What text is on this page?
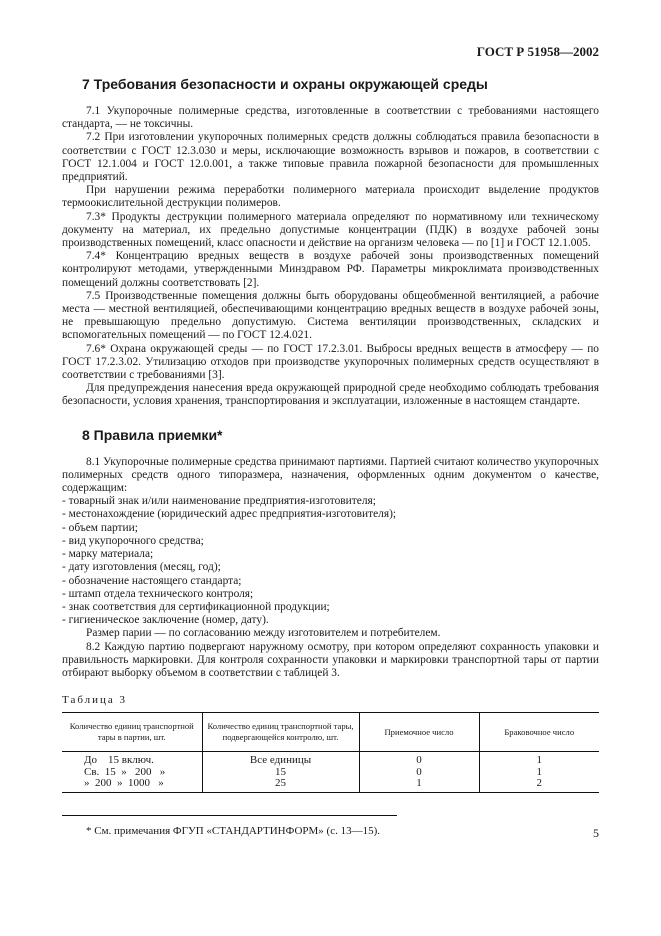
ГОСТ Р 51958—2002
7 Требования безопасности и охраны окружающей среды

7.1 Укупорочные полимерные средства, изготовленные в соответствии с требованиями настоящего стандарта, — не токсичны.

7.2 При изготовлении укупорочных полимерных средств должны соблюдаться правила безопасности в соответствии с ГОСТ 12.3.030 и меры, исключающие возможность взрывов и пожаров, в соответствии с ГОСТ 12.1.004 и ГОСТ 12.0.001, а также типовые правила пожарной безопасности для промышленных предприятий.

При нарушении режима переработки полимерного материала происходит выделение продуктов термоокислительной деструкции полимеров.

7.3* Продукты деструкции полимерного материала определяют по нормативному или техническому документу на материал, их предельно допустимые концентрации (ПДК) в воздухе рабочей зоны производственных помещений, класс опасности и действие на организм человека — по [1] и ГОСТ 12.1.005.

7.4* Концентрацию вредных веществ в воздухе рабочей зоны производственных помещений контролируют методами, утвержденными Минздравом РФ. Параметры микроклимата производственных помещений должны соответствовать [2].

7.5 Производственные помещения должны быть оборудованы общеобменной вентиляцией, а рабочие места — местной вентиляцией, обеспечивающими концентрацию вредных веществ в воздухе рабочей зоны, не превышающую предельно допустимую. Система вентиляции производственных, складских и вспомогательных помещений — по ГОСТ 12.4.021.

7.6* Охрана окружающей среды — по ГОСТ 17.2.3.01. Выбросы вредных веществ в атмосферу — по ГОСТ 17.2.3.02. Утилизацию отходов при производстве укупорочных полимерных средств осуществляют в соответствии с требованиями [3].

Для предупреждения нанесения вреда окружающей природной среде необходимо соблюдать требования безопасности, условия хранения, транспортирования и эксплуатации, изложенные в настоящем стандарте.

8 Правила приемки*

8.1 Укупорочные полимерные средства принимают партиями. Партией считают количество укупорочных полимерных средств одного типоразмера, назначения, оформленных одним документом о качестве, содержащим:

- товарный знак и/или наименование предприятия-изготовителя;

- местонахождение (юридический адрес предприятия-изготовителя);

- объем партии;

- вид укупорочного средства;

- марку материала;

- дату изготовления (месяц, год);

- обозначение настоящего стандарта;

- штамп отдела технического контроля;

- знак соответствия для сертификационной продукции;

- гигиеническое заключение (номер, дату).

Размер парии — по согласованию между изготовителем и потребителем.

8.2 Каждую партию подвергают наружному осмотру, при котором определяют сохранность упаковки и правильность маркировки. Для контроля сохранности упаковки и маркировки транспортной тары от партии отбирают выборку объемом в соответствии с таблицей 3.

Таблица 3
Количество единиц транспортной тары в партии, шт.	Количество единиц транспортной тары, подвергающейся контролю, шт.	Приемочное число	Браковочное число
До    15 включ.	Все единицы	0	1
Св.  15  »   200   »	15	0	1
»  200  »  1000   »	25	1	2
* См. примечания ФГУП «СТАНДАРТИНФОРМ» (с. 13—15).	5
